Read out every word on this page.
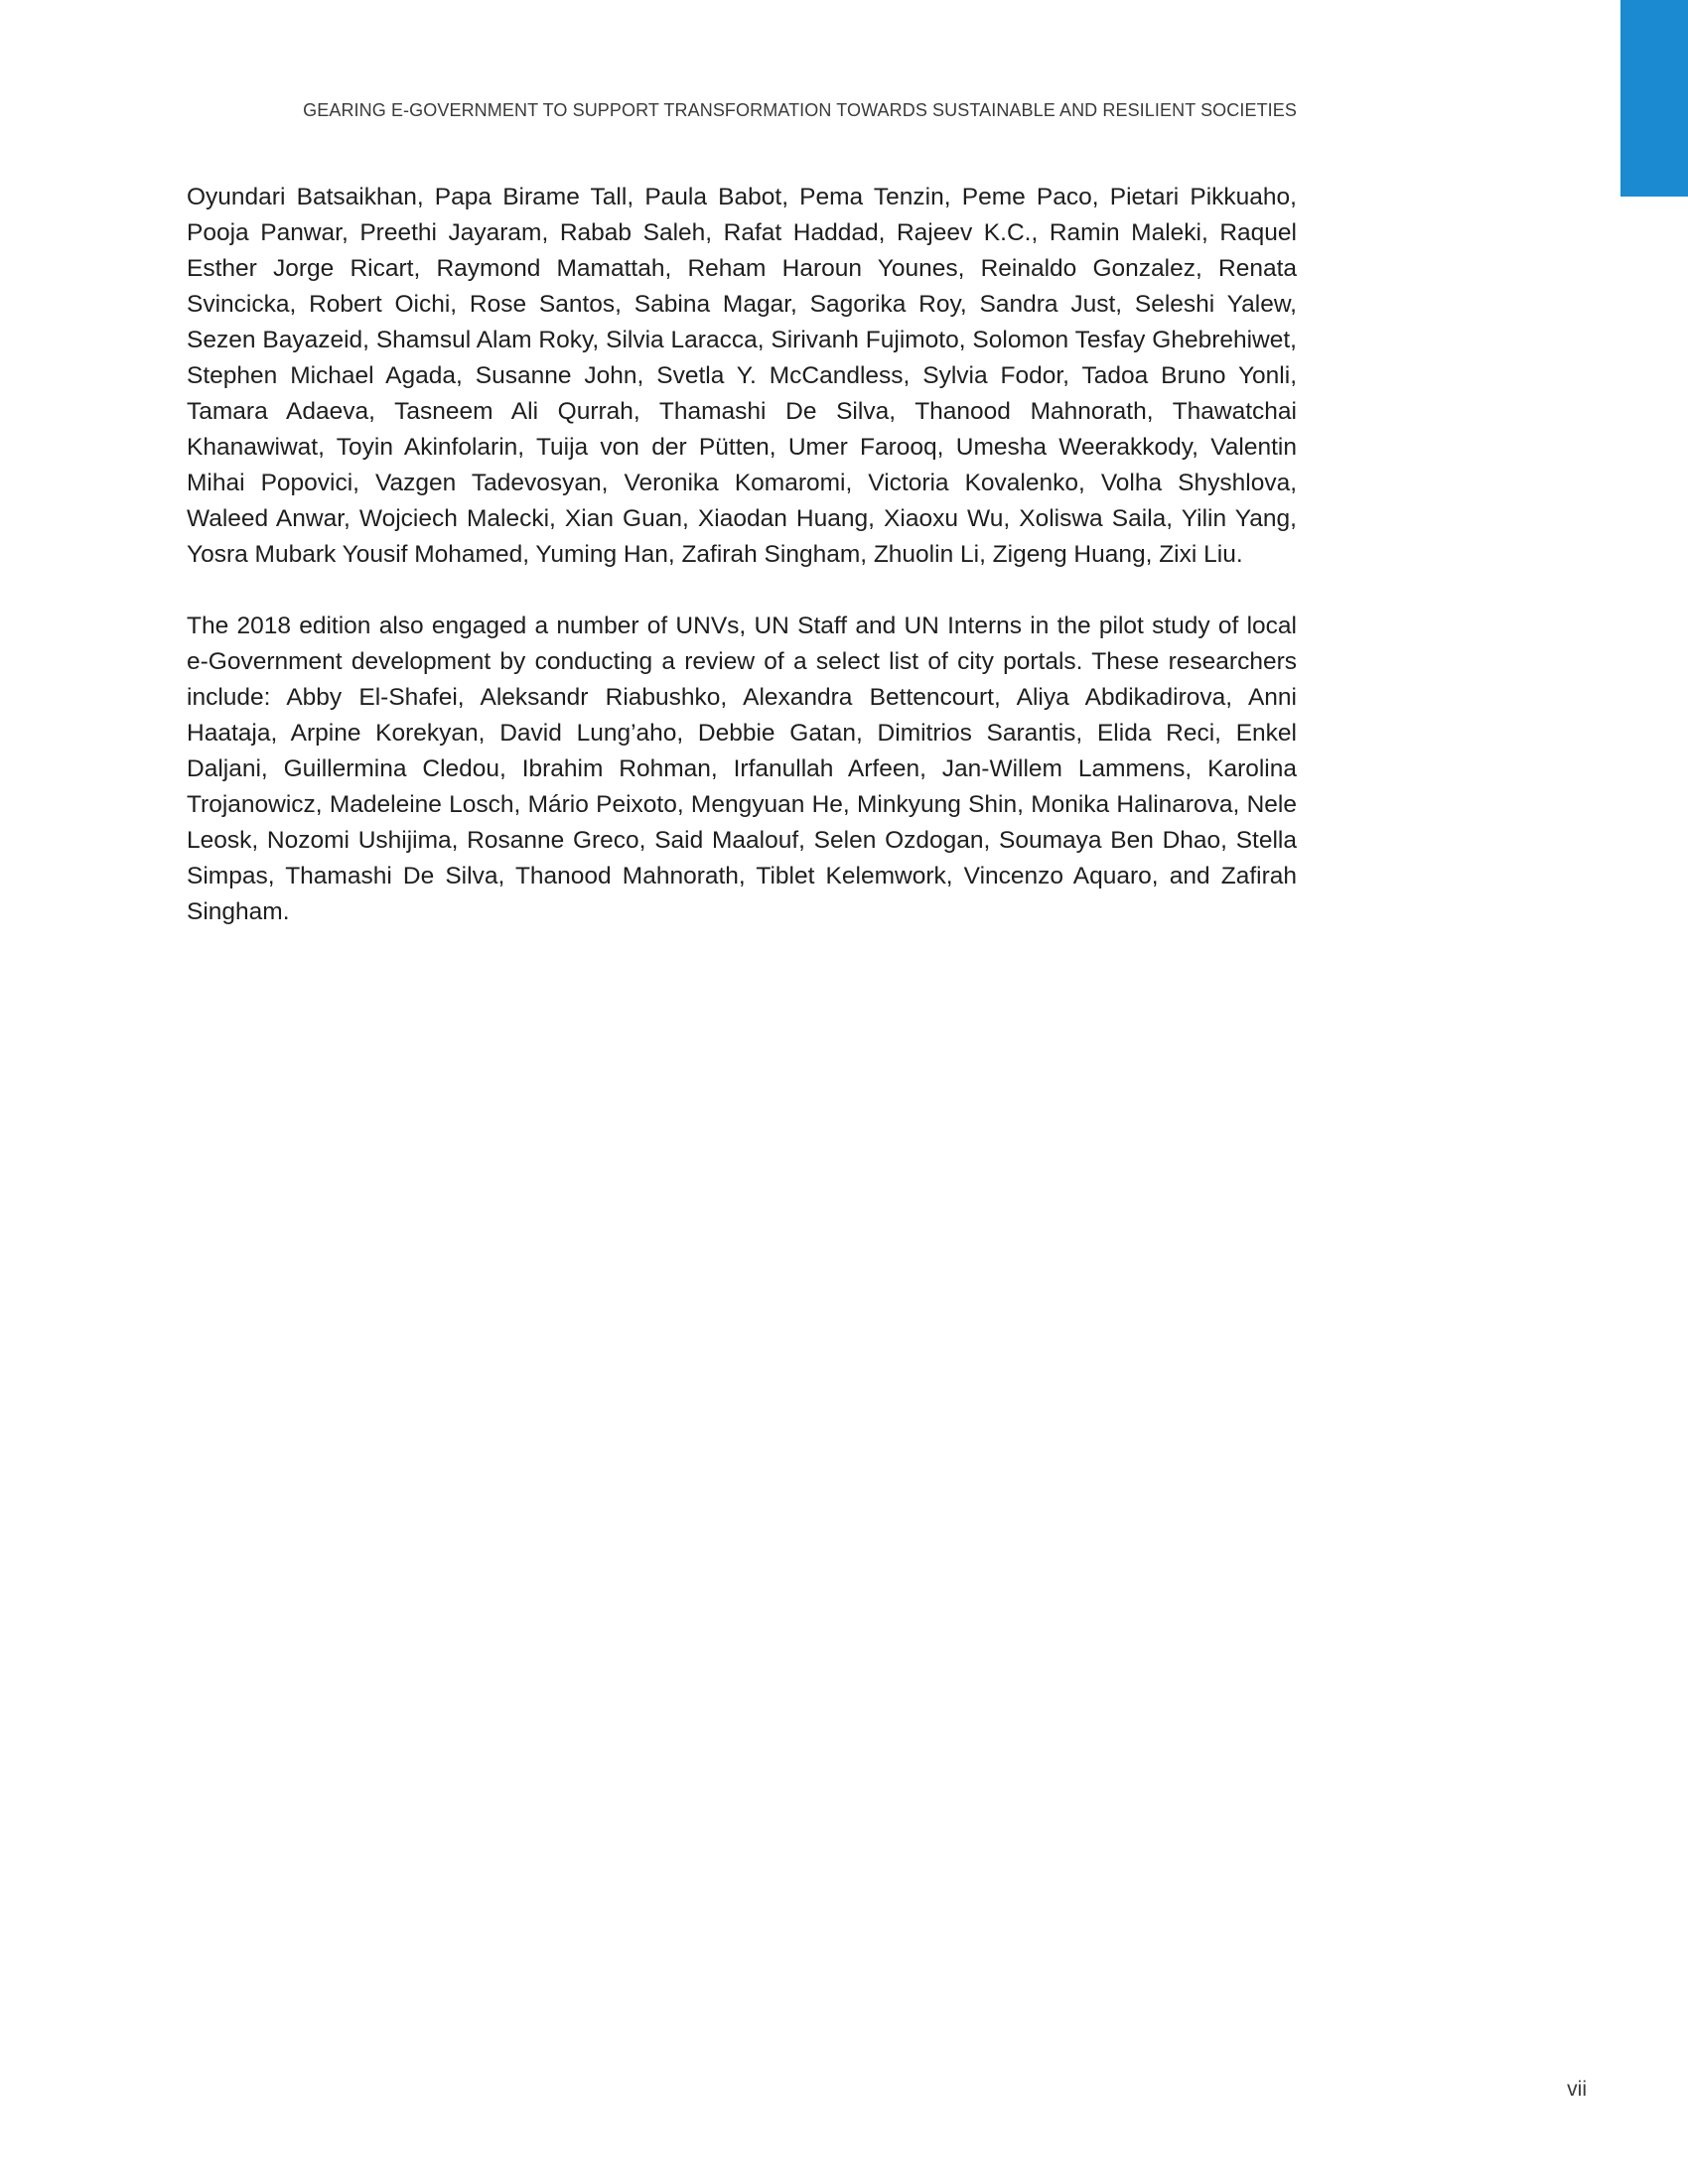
GEARING E-GOVERNMENT TO SUPPORT TRANSFORMATION TOWARDS SUSTAINABLE AND RESILIENT SOCIETIES

Oyundari Batsaikhan, Papa Birame Tall, Paula Babot, Pema Tenzin, Peme Paco, Pietari Pikkuaho, Pooja Panwar, Preethi Jayaram, Rabab Saleh, Rafat Haddad, Rajeev K.C., Ramin Maleki, Raquel Esther Jorge Ricart, Raymond Mamattah, Reham Haroun Younes, Reinaldo Gonzalez, Renata Svincicka, Robert Oichi, Rose Santos, Sabina Magar, Sagorika Roy, Sandra Just, Seleshi Yalew, Sezen Bayazeid, Shamsul Alam Roky, Silvia Laracca, Sirivanh Fujimoto, Solomon Tesfay Ghebrehiwet, Stephen Michael Agada, Susanne John, Svetla Y. McCandless, Sylvia Fodor, Tadoa Bruno Yonli, Tamara Adaeva, Tasneem Ali Qurrah, Thamashi De Silva, Thanood Mahnorath, Thawatchai Khanawiwat, Toyin Akinfolarin, Tuija von der Pütten, Umer Farooq, Umesha Weerakkody, Valentin Mihai Popovici, Vazgen Tadevosyan, Veronika Komaromi, Victoria Kovalenko, Volha Shyshlova, Waleed Anwar, Wojciech Malecki, Xian Guan, Xiaodan Huang, Xiaoxu Wu, Xoliswa Saila, Yilin Yang, Yosra Mubark Yousif Mohamed, Yuming Han, Zafirah Singham, Zhuolin Li, Zigeng Huang, Zixi Liu.

The 2018 edition also engaged a number of UNVs, UN Staff and UN Interns in the pilot study of local e-Government development by conducting a review of a select list of city portals. These researchers include: Abby El-Shafei, Aleksandr Riabushko, Alexandra Bettencourt, Aliya Abdikadirova, Anni Haataja, Arpine Korekyan, David Lung’aho, Debbie Gatan, Dimitrios Sarantis, Elida Reci, Enkel Daljani, Guillermina Cledou, Ibrahim Rohman, Irfanullah Arfeen, Jan-Willem Lammens, Karolina Trojanowicz, Madeleine Losch, Mário Peixoto, Mengyuan He, Minkyung Shin, Monika Halinarova, Nele Leosk, Nozomi Ushijima, Rosanne Greco, Said Maalouf, Selen Ozdogan, Soumaya Ben Dhao, Stella Simpas, Thamashi De Silva, Thanood Mahnorath, Tiblet Kelemwork, Vincenzo Aquaro, and Zafirah Singham.

vii
